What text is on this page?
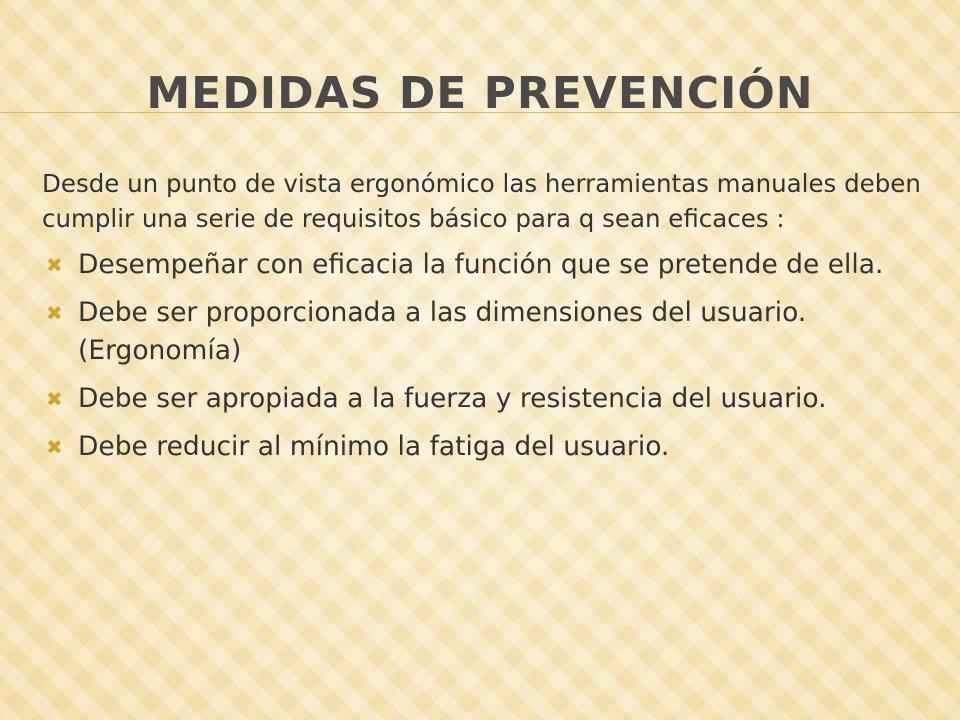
MEDIDAS DE PREVENCIÓN

Desde un punto de vista ergonómico las herramientas manuales deben cumplir una serie de requisitos básico para q sean eficaces :

✖ Desempeñar con eficacia la función que se pretende de ella.
✖ Debe ser proporcionada a las dimensiones del usuario. (Ergonomía)
✖ Debe ser apropiada a la fuerza y resistencia del usuario.
✖ Debe reducir al mínimo la fatiga del usuario.
